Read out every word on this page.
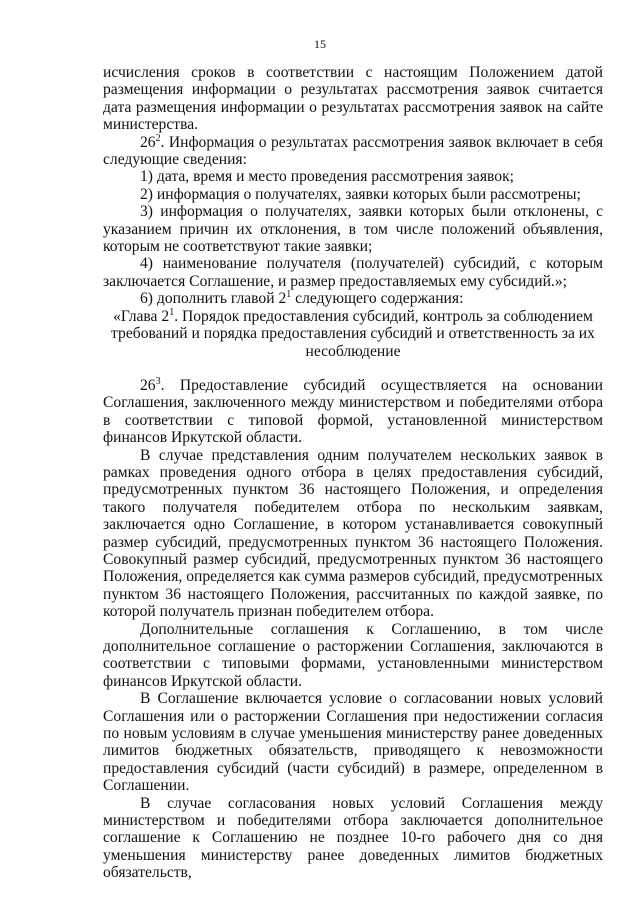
15

исчисления сроков в соответствии с настоящим Положением датой размещения информации о результатах рассмотрения заявок считается дата размещения информации о результатах рассмотрения заявок на сайте министерства.

$26^2$. Информация о результатах рассмотрения заявок включает в себя следующие сведения:

1) дата, время и место проведения рассмотрения заявок;

2) информация о получателях, заявки которых были рассмотрены;

3) информация о получателях, заявки которых были отклонены, с указанием причин их отклонения, в том числе положений объявления, которым не соответствуют такие заявки;

4) наименование получателя (получателей) субсидий, с которым заключается Соглашение, и размер предоставляемых ему субсидий.»;

6) дополнить главой $2^1$ следующего содержания:

«Глава $2^1$. Порядок предоставления субсидий, контроль за соблюдением требований и порядка предоставления субсидий и ответственность за их несоблюдение

$26^3$. Предоставление субсидий осуществляется на основании Соглашения, заключенного между министерством и победителями отбора в соответствии с типовой формой, установленной министерством финансов Иркутской области.

В случае представления одним получателем нескольких заявок в рамках проведения одного отбора в целях предоставления субсидий, предусмотренных пунктом 36 настоящего Положения, и определения такого получателя победителем отбора по нескольким заявкам, заключается одно Соглашение, в котором устанавливается совокупный размер субсидий, предусмотренных пунктом 36 настоящего Положения. Совокупный размер субсидий, предусмотренных пунктом 36 настоящего Положения, определяется как сумма размеров субсидий, предусмотренных пунктом 36 настоящего Положения, рассчитанных по каждой заявке, по которой получатель признан победителем отбора.

Дополнительные соглашения к Соглашению, в том числе дополнительное соглашение о расторжении Соглашения, заключаются в соответствии с типовыми формами, установленными министерством финансов Иркутской области.

В Соглашение включается условие о согласовании новых условий Соглашения или о расторжении Соглашения при недостижении согласия по новым условиям в случае уменьшения министерству ранее доведенных лимитов бюджетных обязательств, приводящего к невозможности предоставления субсидий (части субсидий) в размере, определенном в Соглашении.

В случае согласования новых условий Соглашения между министерством и победителями отбора заключается дополнительное соглашение к Соглашению не позднее 10-го рабочего дня со дня уменьшения министерству ранее доведенных лимитов бюджетных обязательств,
